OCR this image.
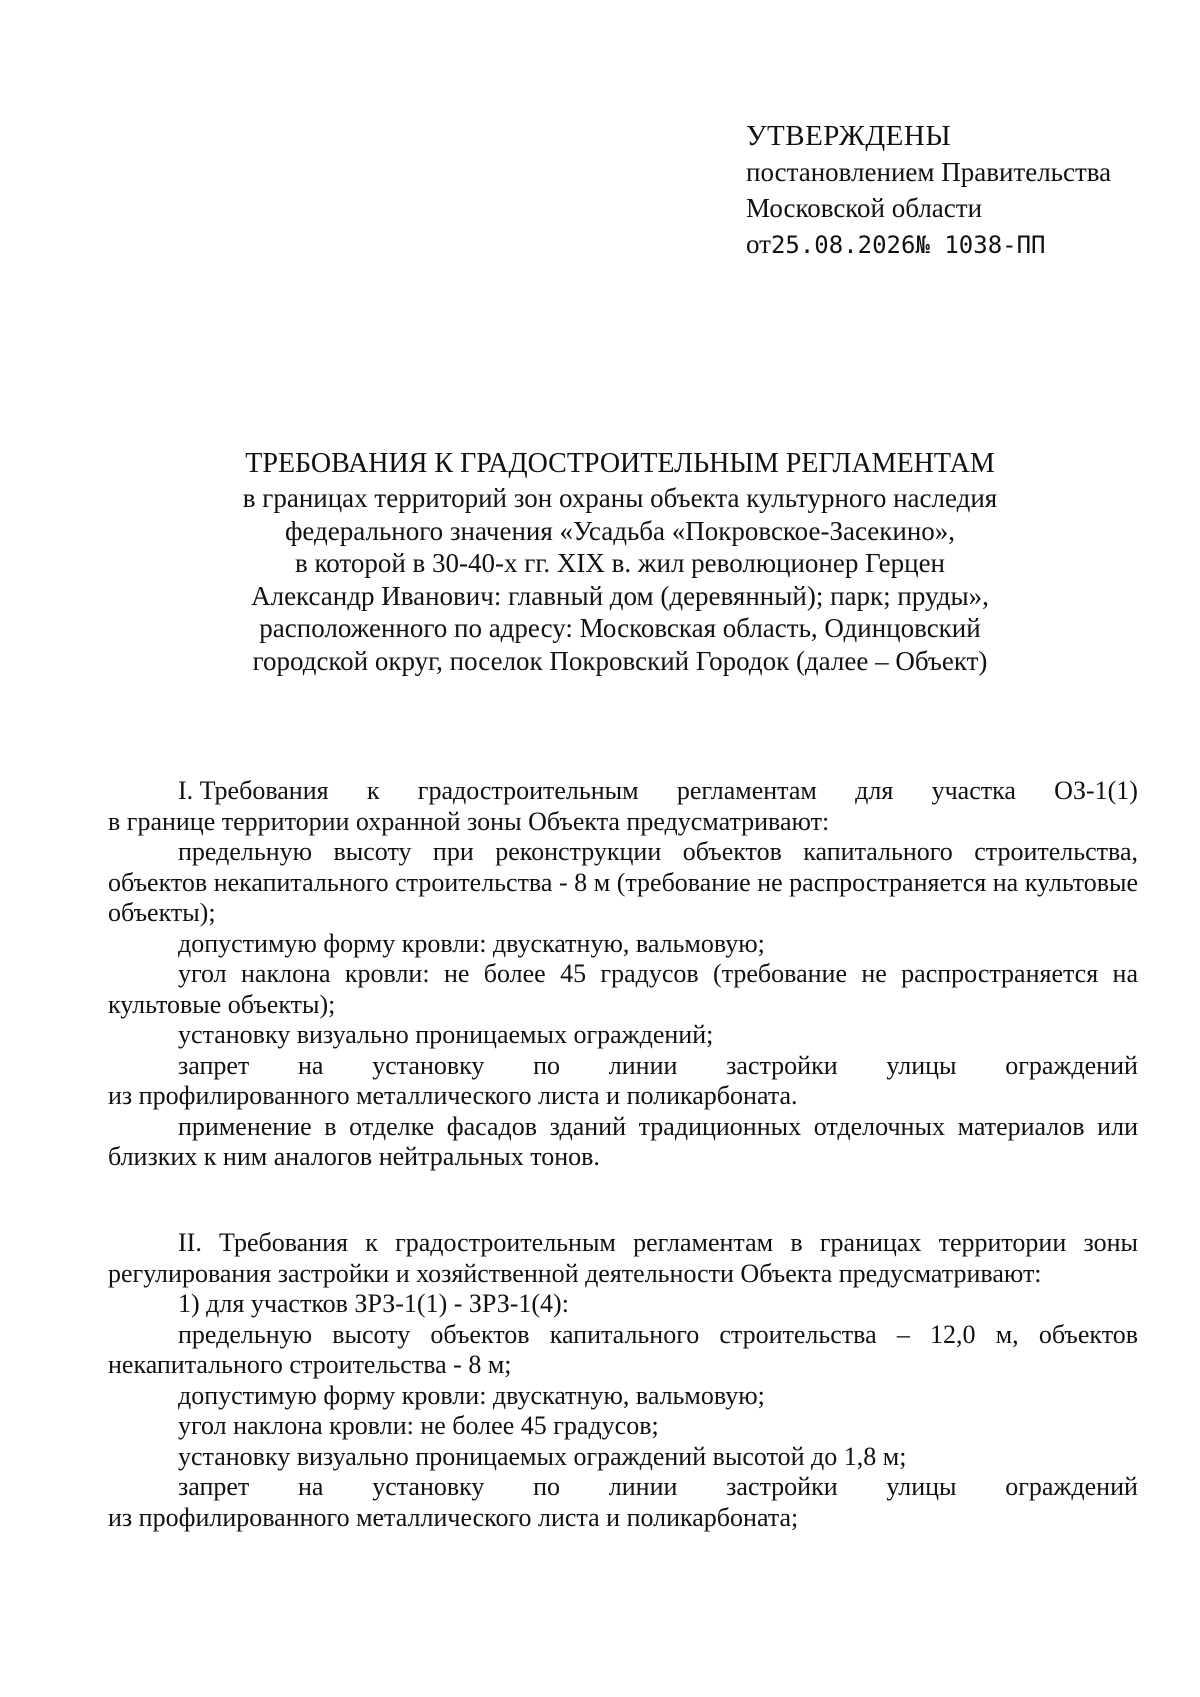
УТВЕРЖДЕНЫ
постановлением Правительства
Московской области
от25.08.2026№ 1038-ПП
ТРЕБОВАНИЯ К ГРАДОСТРОИТЕЛЬНЫМ РЕГЛАМЕНТАМ
в границах территорий зон охраны объекта культурного наследия
федерального значения «Усадьба «Покровское-Засекино»,
в которой в 30-40-х гг. XIX в. жил революционер Герцен
Александр Иванович: главный дом (деревянный); парк; пруды»,
расположенного по адресу: Московская область, Одинцовский
городской округ, поселок Покровский Городок (далее – Объект)
I. Требования к градостроительным регламентам для участка ОЗ-1(1)
в границе территории охранной зоны Объекта предусматривают:
предельную высоту при реконструкции объектов капитального строительства, объектов некапитального строительства - 8 м (требование не распространяется на культовые объекты);
допустимую форму кровли: двускатную, вальмовую;
угол наклона кровли: не более 45 градусов (требование не распространяется на культовые объекты);
установку визуально проницаемых ограждений;
запрет на установку по линии застройки улицы ограждений
из профилированного металлического листа и поликарбоната.
применение в отделке фасадов зданий традиционных отделочных материалов или близких к ним аналогов нейтральных тонов.
II. Требования к градостроительным регламентам в границах территории зоны регулирования застройки и хозяйственной деятельности Объекта предусматривают:
1) для участков ЗРЗ-1(1) - ЗРЗ-1(4):
предельную высоту объектов капитального строительства – 12,0 м, объектов некапитального строительства - 8 м;
допустимую форму кровли: двускатную, вальмовую;
угол наклона кровли: не более 45 градусов;
установку визуально проницаемых ограждений высотой до 1,8 м;
запрет на установку по линии застройки улицы ограждений
из профилированного металлического листа и поликарбоната;
